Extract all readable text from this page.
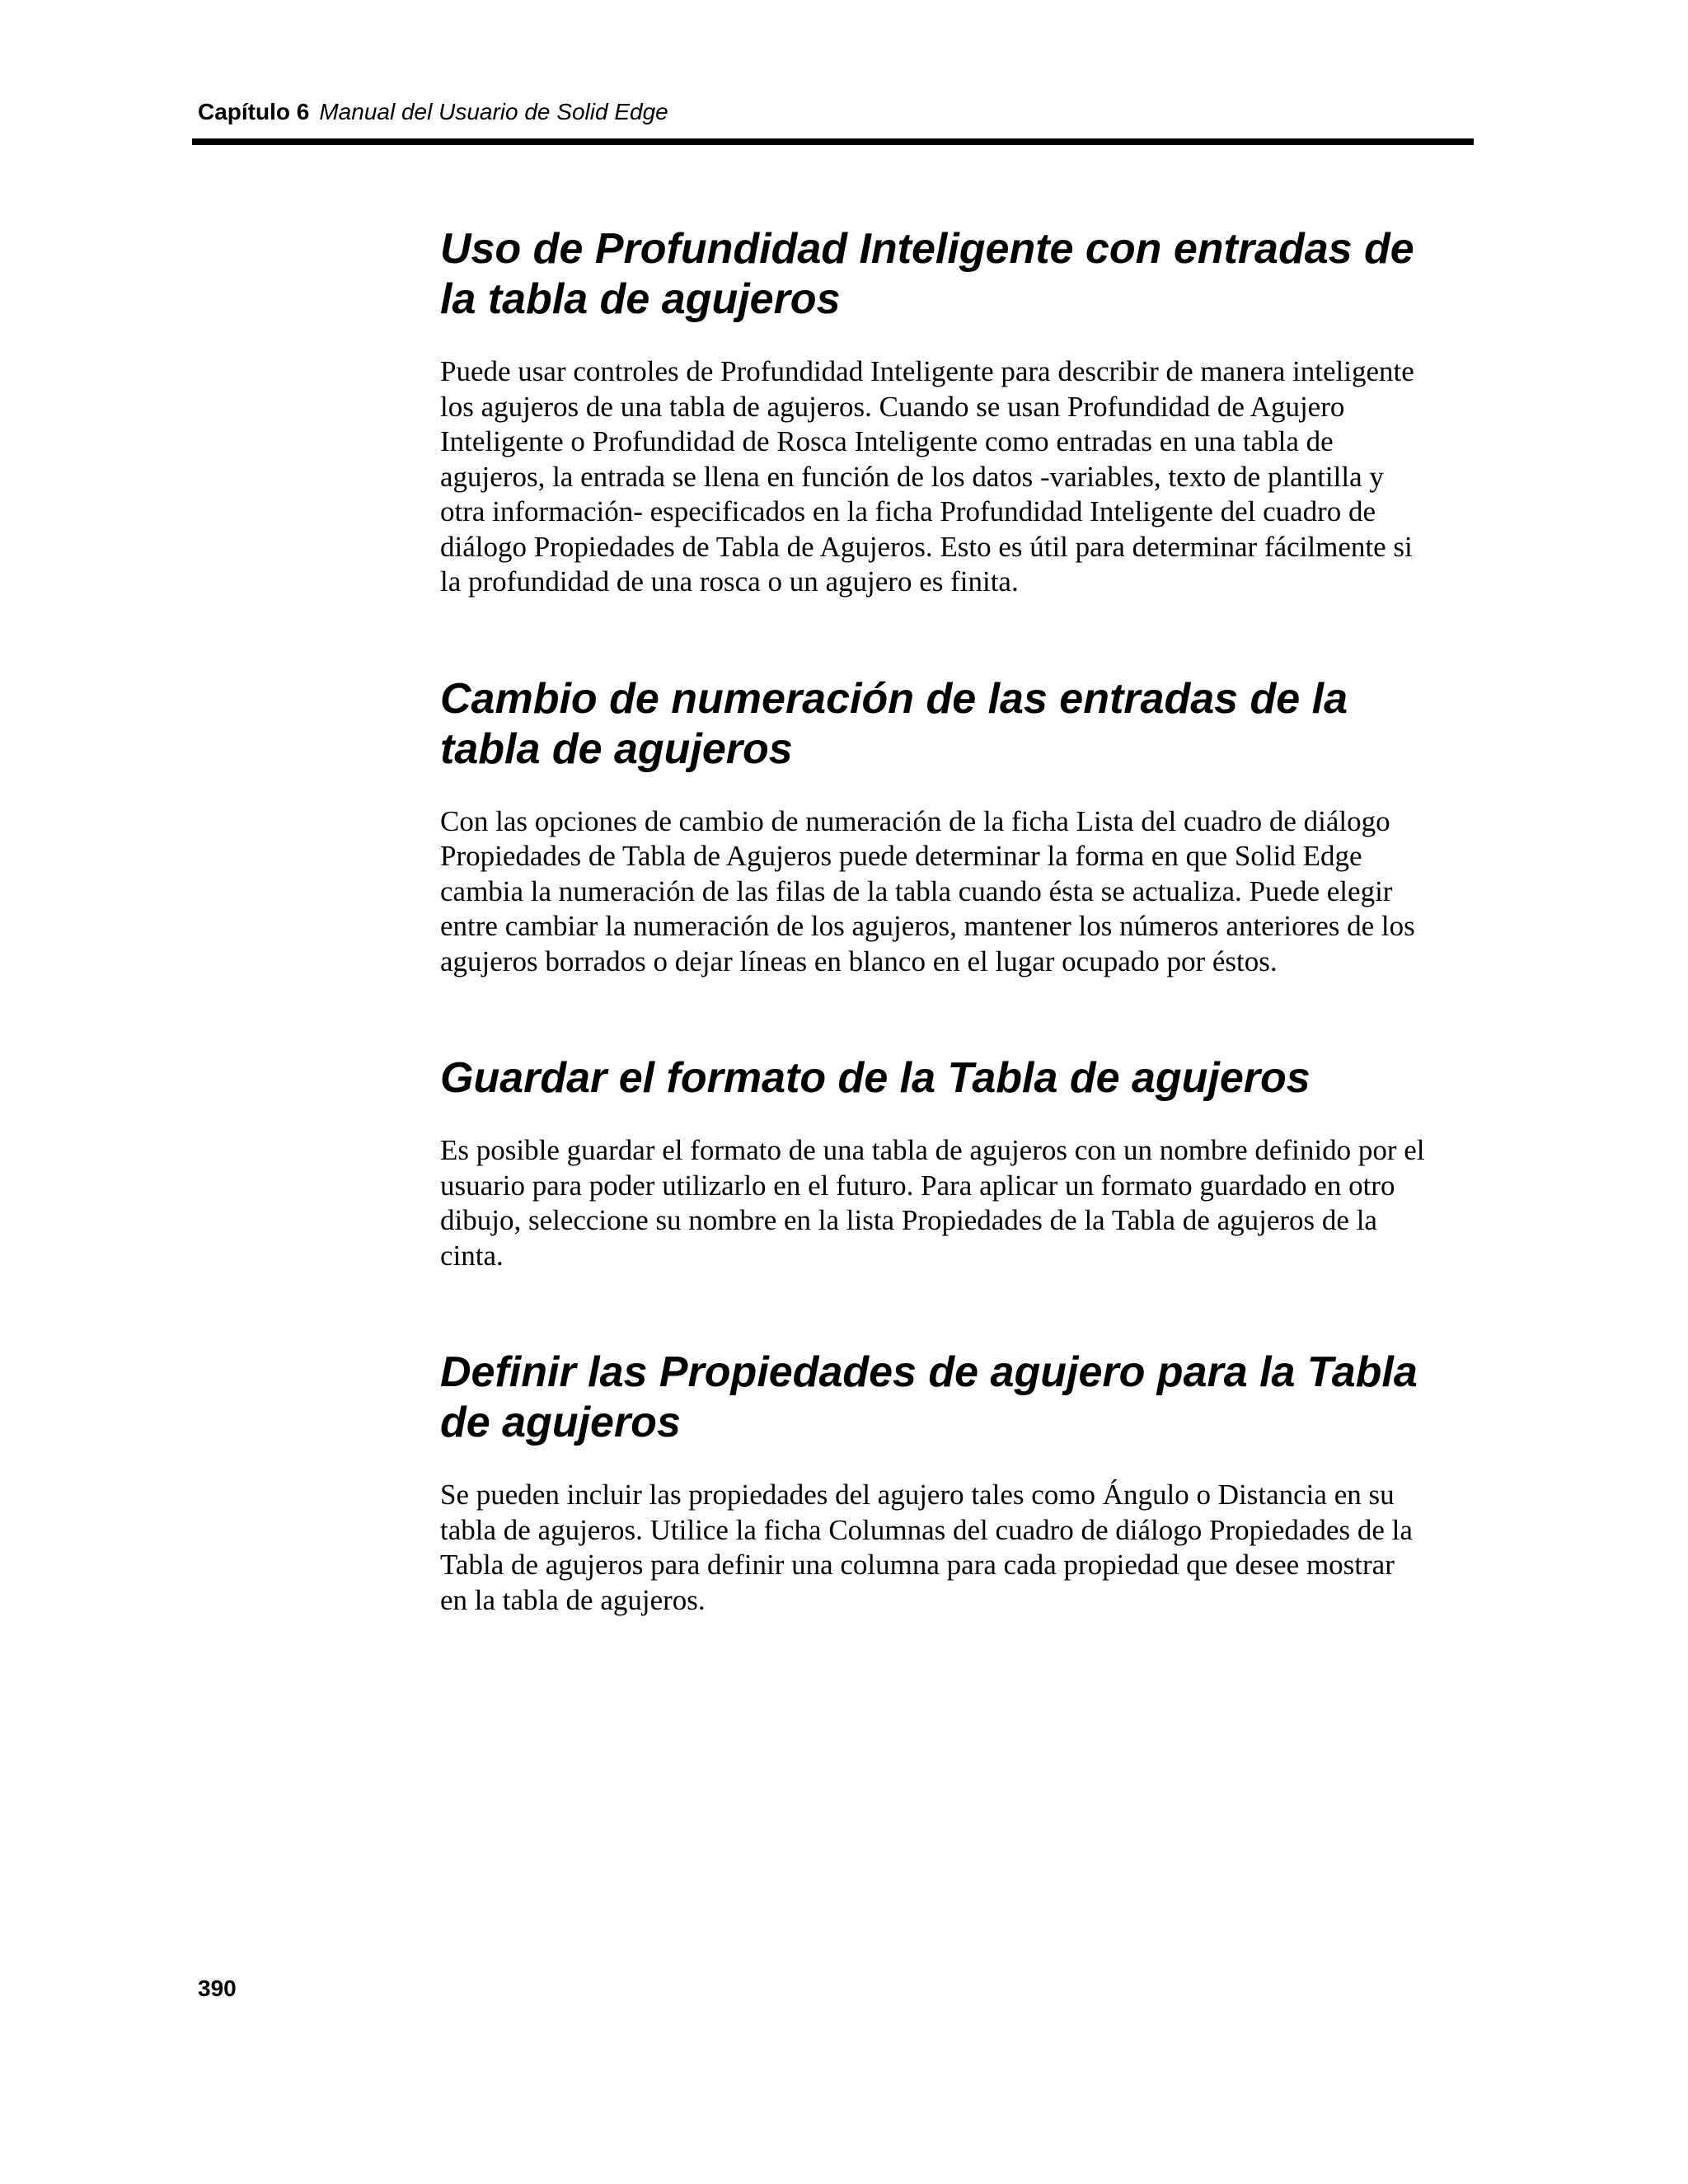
Capítulo 6 Manual del Usuario de Solid Edge
Uso de Profundidad Inteligente con entradas de
la tabla de agujeros

Puede usar controles de Profundidad Inteligente para describir de manera inteligente
los agujeros de una tabla de agujeros. Cuando se usan Profundidad de Agujero
Inteligente o Profundidad de Rosca Inteligente como entradas en una tabla de
agujeros, la entrada se llena en función de los datos -variables, texto de plantilla y
otra información- especificados en la ficha Profundidad Inteligente del cuadro de
diálogo Propiedades de Tabla de Agujeros. Esto es útil para determinar fácilmente si
la profundidad de una rosca o un agujero es finita.

Cambio de numeración de las entradas de la
tabla de agujeros

Con las opciones de cambio de numeración de la ficha Lista del cuadro de diálogo
Propiedades de Tabla de Agujeros puede determinar la forma en que Solid Edge
cambia la numeración de las filas de la tabla cuando ésta se actualiza. Puede elegir
entre cambiar la numeración de los agujeros, mantener los números anteriores de los
agujeros borrados o dejar líneas en blanco en el lugar ocupado por éstos.

Guardar el formato de la Tabla de agujeros

Es posible guardar el formato de una tabla de agujeros con un nombre definido por el
usuario para poder utilizarlo en el futuro. Para aplicar un formato guardado en otro
dibujo, seleccione su nombre en la lista Propiedades de la Tabla de agujeros de la
cinta.

Definir las Propiedades de agujero para la Tabla
de agujeros

Se pueden incluir las propiedades del agujero tales como Ángulo o Distancia en su
tabla de agujeros. Utilice la ficha Columnas del cuadro de diálogo Propiedades de la
Tabla de agujeros para definir una columna para cada propiedad que desee mostrar
en la tabla de agujeros.

390
